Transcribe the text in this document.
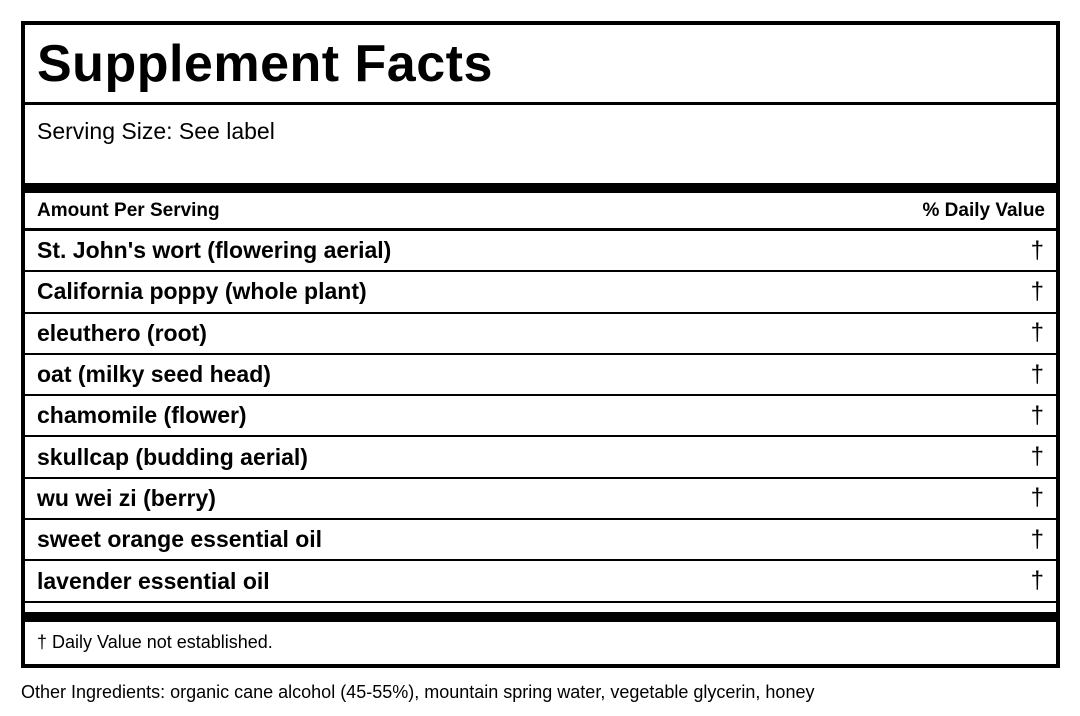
Supplement Facts
Serving Size: See label
Amount Per Serving	% Daily Value
St. John's wort (flowering aerial)	†
California poppy (whole plant)	†
eleuthero (root)	†
oat (milky seed head)	†
chamomile (flower)	†
skullcap (budding aerial)	†
wu wei zi (berry)	†
sweet orange essential oil	†
lavender essential oil	†
† Daily Value not established.
Other Ingredients: organic cane alcohol (45-55%), mountain spring water, vegetable glycerin, honey
